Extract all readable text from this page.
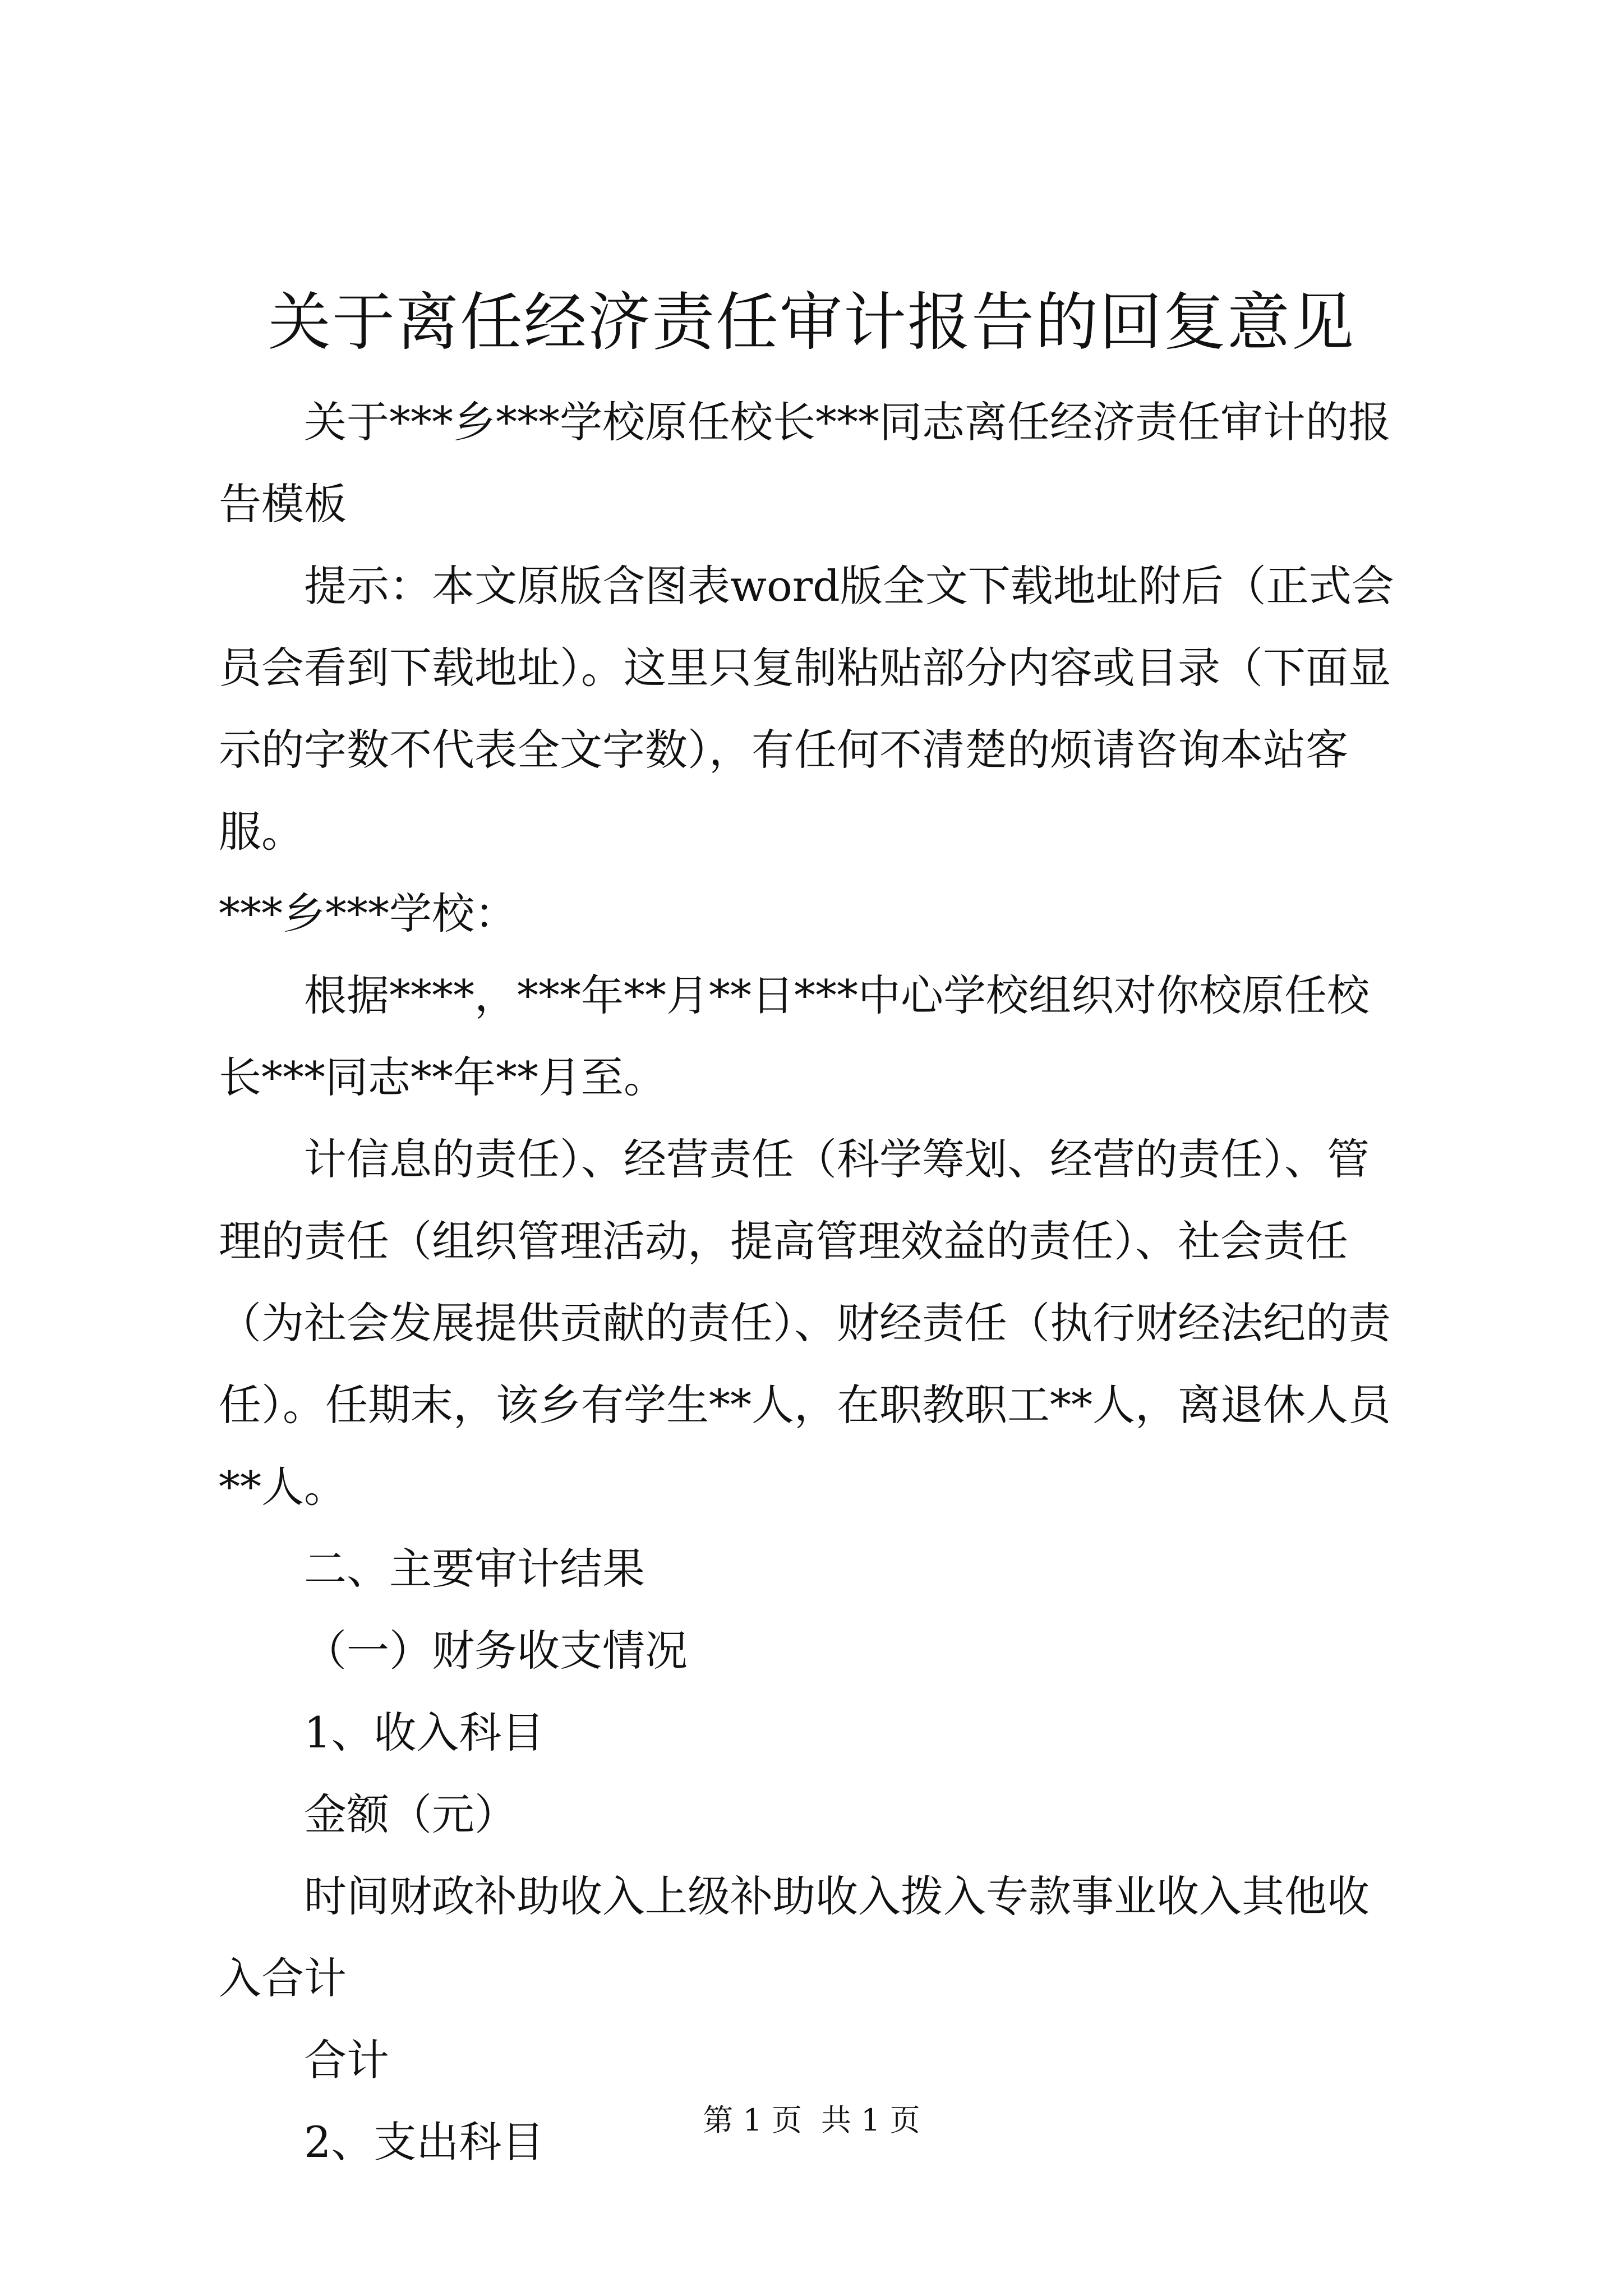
关于离任经济责任审计报告的回复意见

关于***乡***学校原任校长***同志离任经济责任审计的报告模板

提示：本文原版含图表word版全文下载地址附后（正式会员会看到下载地址）。这里只复制粘贴部分内容或目录（下面显示的字数不代表全文字数），有任何不清楚的烦请咨询本站客服。

***乡***学校：

根据****，***年**月**日***中心学校组织对你校原任校长***同志**年**月至。

计信息的责任）、经营责任（科学筹划、经营的责任）、管理的责任（组织管理活动，提高管理效益的责任）、社会责任（为社会发展提供贡献的责任）、财经责任（执行财经法纪的责任）。任期末，该乡有学生**人，在职教职工**人，离退休人员**人。

二、主要审计结果

（一）财务收支情况

1、收入科目

金额（元）

时间财政补助收入上级补助收入拨入专款事业收入其他收入合计

合计

2、支出科目	第 1 页 共 1 页
